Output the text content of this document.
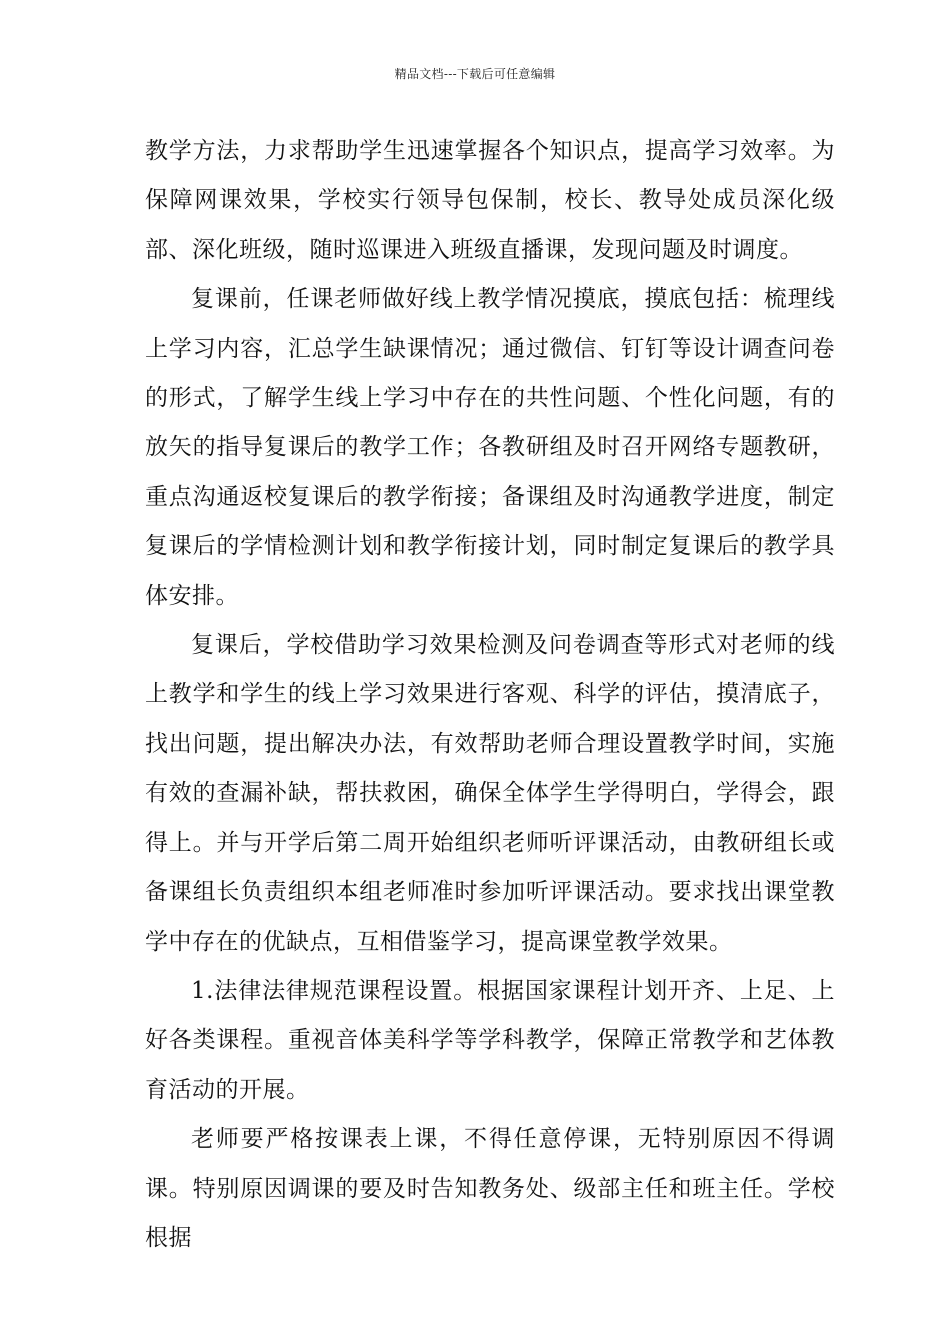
精品文档---下载后可任意编辑

教学方法，力求帮助学生迅速掌握各个知识点，提高学习效率。为保障网课效果，学校实行领导包保制，校长、教导处成员深化级部、深化班级，随时巡课进入班级直播课，发现问题及时调度。

复课前，任课老师做好线上教学情况摸底，摸底包括：梳理线上学习内容，汇总学生缺课情况；通过微信、钉钉等设计调查问卷的形式，了解学生线上学习中存在的共性问题、个性化问题，有的放矢的指导复课后的教学工作；各教研组及时召开网络专题教研，重点沟通返校复课后的教学衔接；备课组及时沟通教学进度，制定复课后的学情检测计划和教学衔接计划，同时制定复课后的教学具体安排。

复课后，学校借助学习效果检测及问卷调查等形式对老师的线上教学和学生的线上学习效果进行客观、科学的评估，摸清底子，找出问题，提出解决办法，有效帮助老师合理设置教学时间，实施有效的查漏补缺，帮扶救困，确保全体学生学得明白，学得会，跟得上。并与开学后第二周开始组织老师听评课活动，由教研组长或备课组长负责组织本组老师准时参加听评课活动。要求找出课堂教学中存在的优缺点，互相借鉴学习，提高课堂教学效果。

1.法律法律规范课程设置。根据国家课程计划开齐、上足、上好各类课程。重视音体美科学等学科教学，保障正常教学和艺体教育活动的开展。

老师要严格按课表上课，不得任意停课，无特别原因不得调课。特别原因调课的要及时告知教务处、级部主任和班主任。学校根据
